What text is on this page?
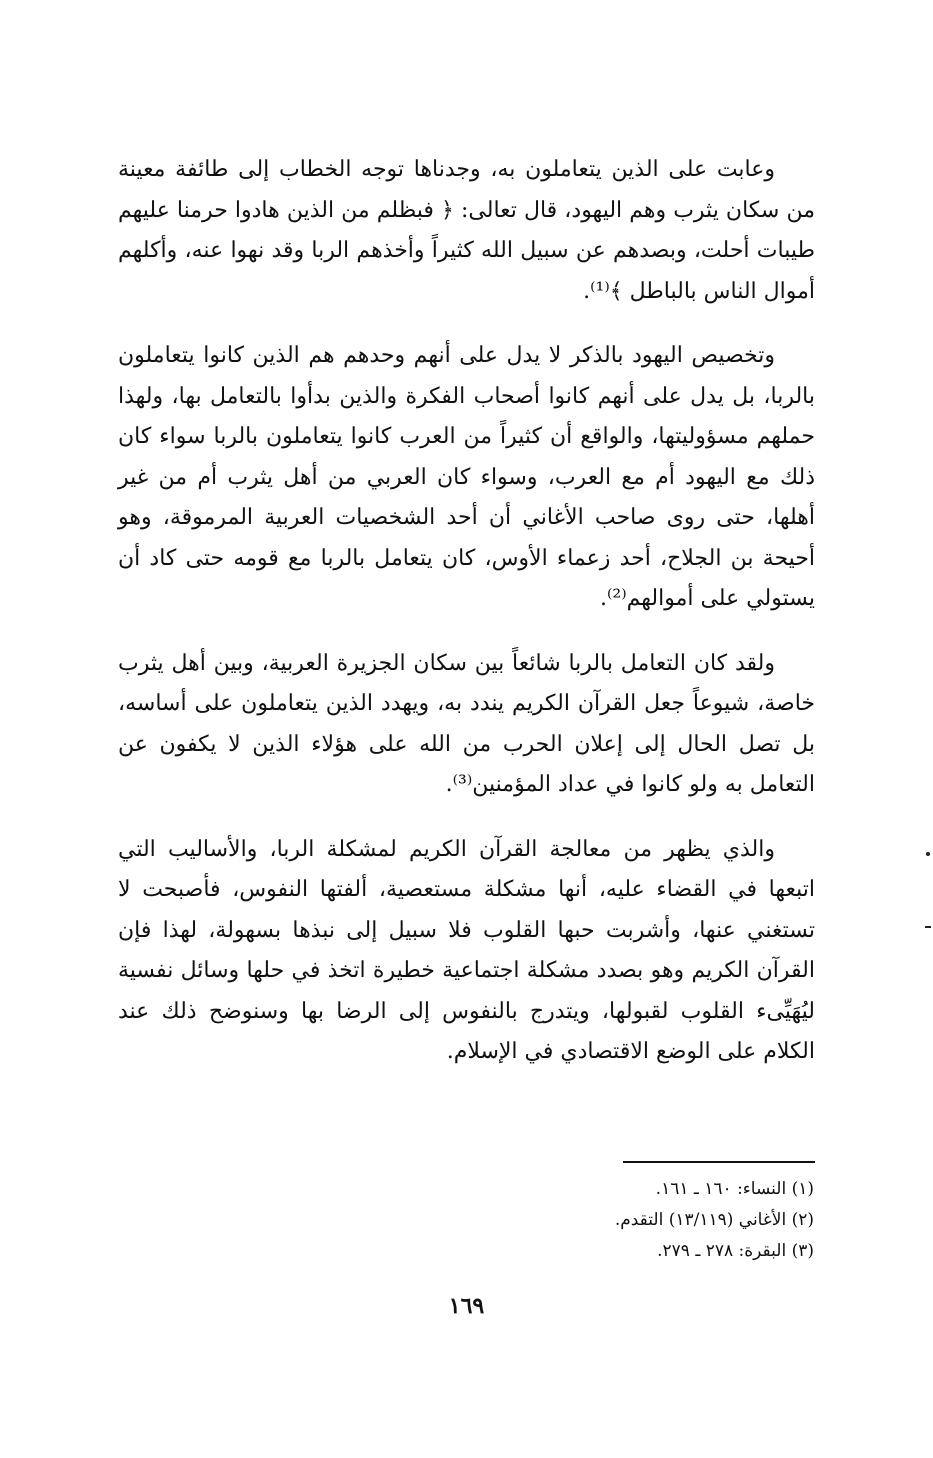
وعابت على الذين يتعاملون به، وجدناها توجه الخطاب إلى طائفة معينة من سكان يثرب وهم اليهود، قال تعالى: ﴿ فبظلم من الذين هادوا حرمنا عليهم طيبات أحلت، وبصدهم عن سبيل الله كثيراً وأخذهم الربا وقد نهوا عنه، وأكلهم أموال الناس بالباطل ﴾⁽¹⁾.

وتخصيص اليهود بالذكر لا يدل على أنهم وحدهم هم الذين كانوا يتعاملون بالربا، بل يدل على أنهم كانوا أصحاب الفكرة والذين بدأوا بالتعامل بها، ولهذا حملهم مسؤوليتها، والواقع أن كثيراً من العرب كانوا يتعاملون بالربا سواء كان ذلك مع اليهود أم مع العرب، وسواء كان العربي من أهل يثرب أم من غير أهلها، حتى روى صاحب الأغاني أن أحد الشخصيات العربية المرموقة، وهو أحيحة بن الجلاح، أحد زعماء الأوس، كان يتعامل بالربا مع قومه حتى كاد أن يستولي على أموالهم⁽²⁾.

ولقد كان التعامل بالربا شائعاً بين سكان الجزيرة العربية، وبين أهل يثرب خاصة، شيوعاً جعل القرآن الكريم يندد به، ويهدد الذين يتعاملون على أساسه، بل تصل الحال إلى إعلان الحرب من الله على هؤلاء الذين لا يكفون عن التعامل به ولو كانوا في عداد المؤمنين⁽³⁾.

والذي يظهر من معالجة القرآن الكريم لمشكلة الربا، والأساليب التي اتبعها في القضاء عليه، أنها مشكلة مستعصية، ألفتها النفوس، فأصبحت لا تستغني عنها، وأشربت حبها القلوب فلا سبيل إلى نبذها بسهولة، لهذا فإن القرآن الكريم وهو بصدد مشكلة اجتماعية خطيرة اتخذ في حلها وسائل نفسية ليُهَيِّىء القلوب لقبولها، ويتدرج بالنفوس إلى الرضا بها وسنوضح ذلك عند الكلام على الوضع الاقتصادي في الإسلام.

(١) النساء: ١٦٠ ـ ١٦١.
(٢) الأغاني (١٣/١١٩) التقدم.
(٣) البقرة: ٢٧٨ ـ ٢٧٩.
١٦٩
